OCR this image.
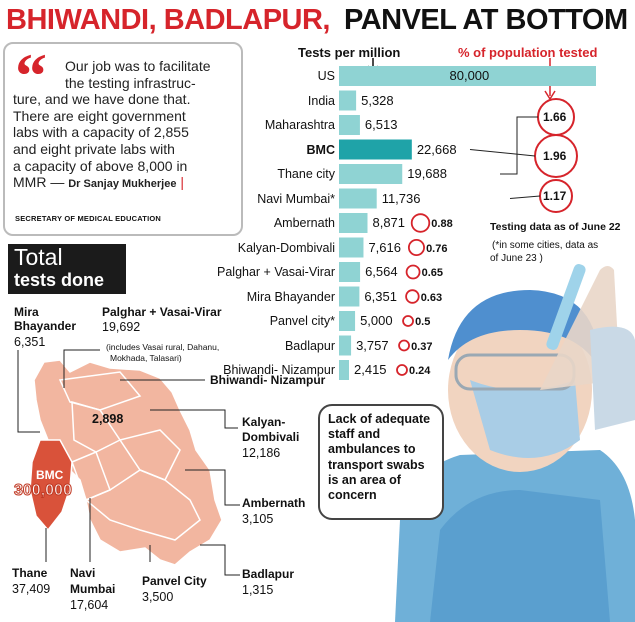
BHIWANDI, BADLAPUR, PANVEL AT BOTTOM
“	Our job was to facilitate
the testing infrastruc-
ture, and we have done that.
There are eight government
labs with a capacity of 2,855
and eight private labs with
a capacity of above 8,000 in
MMR — Dr Sanjay Mukherjee |
SECRETARY OF MEDICAL EDUCATION
Total
tests done
Tests per million	% of population tested
US	80,000
India 5,328
Maharashtra 6,513
BMC	22,668
Thane city	19,688
Navi Mumbai*	11,736
Ambernath	8,871 0.88
Kalyan-Dombivali	7,616 0.76
Palghar + Vasai-Virar 6,564 0.65
Mira Bhayander 6,351 0.63
Panvel city* 5,000 0.5
Badlapur 3,757 0.37
Bhiwandi- Nizampur 2,415 0.24
1.66
1.96
1.17
Testing data as of June 22
(*in some cities, data as
of June 23 )
Mira
Bhayander
6,351
Palghar + Vasai-Virar
19,692
(includes Vasai rural, Dahanu,
Mokhada, Talasari)
Bhiwandi- Nizampur
2,898	Kalyan-
Dombivali
12,186
BMC
300,000
Ambernath
3,105
Thane
37,409
Navi
Mumbai
17,604
Panvel City
3,500
Badlapur
1,315
Lack of adequate staff and ambulances to transport swabs is an area of concern
